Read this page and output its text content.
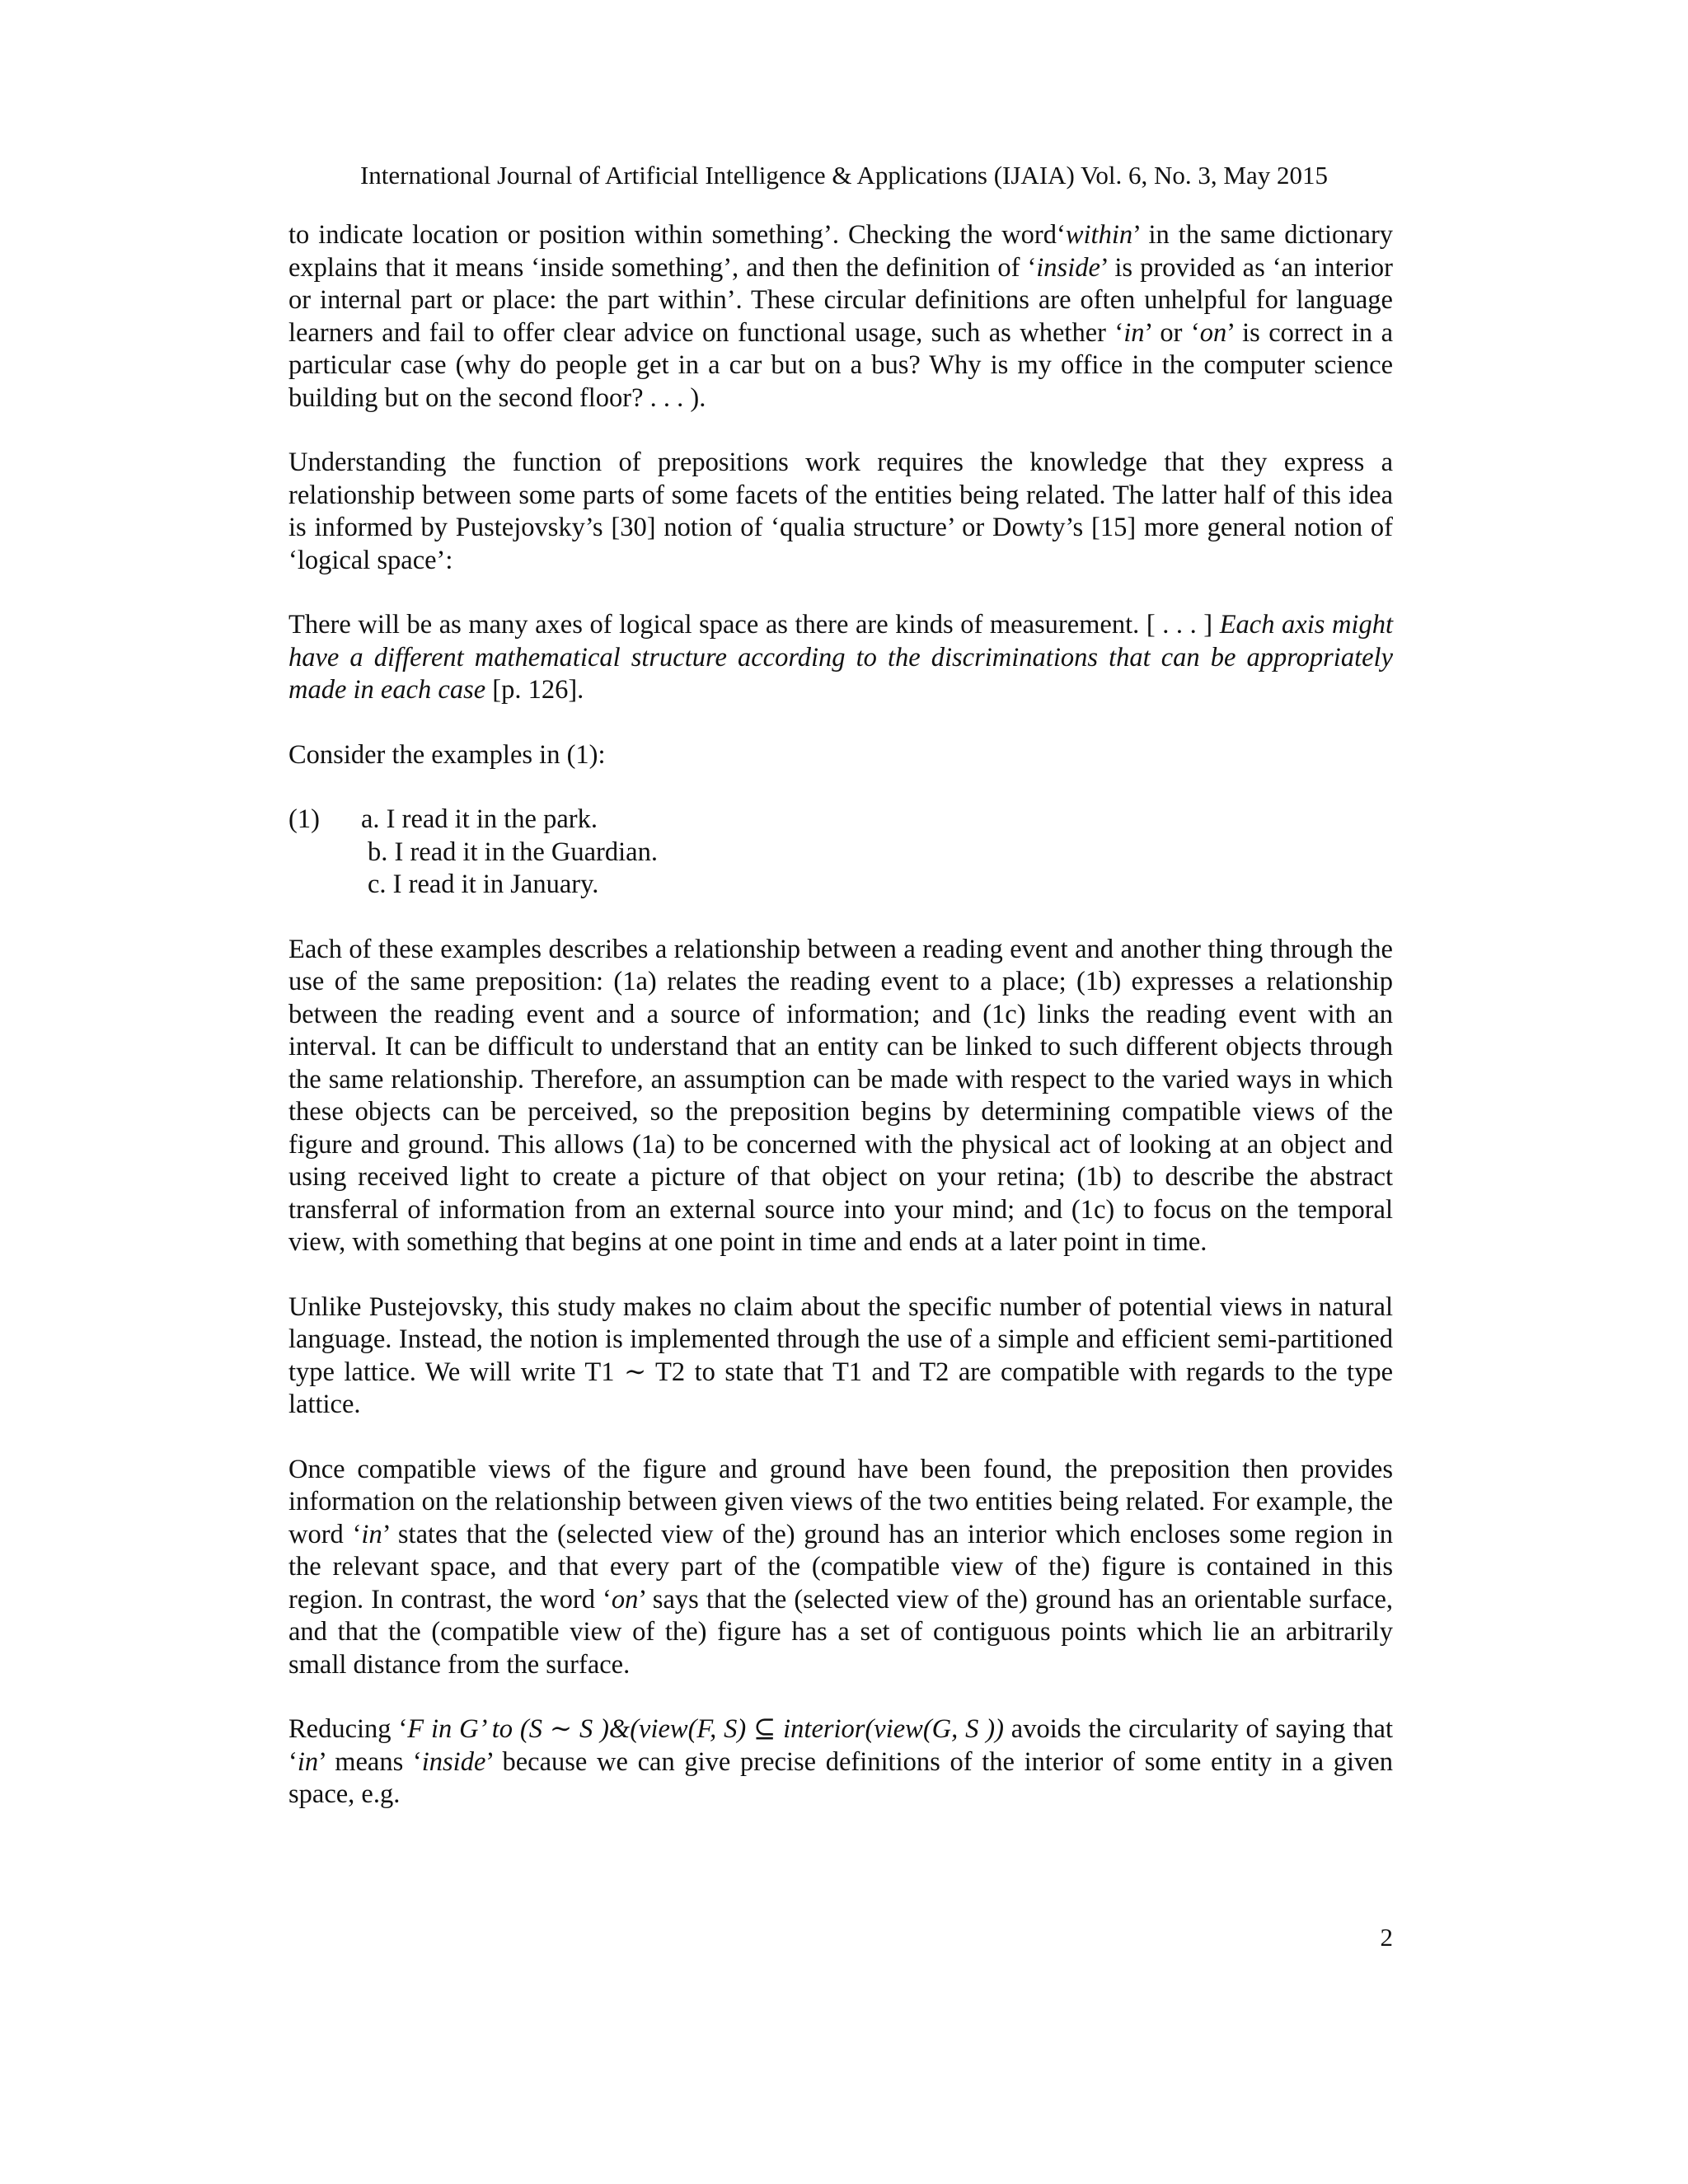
International Journal of Artificial Intelligence & Applications (IJAIA) Vol. 6, No. 3, May 2015

to indicate location or position within something’. Checking the word‘within’ in the same dictionary explains that it means ‘inside something’, and then the definition of ‘inside’ is provided as ‘an interior or internal part or place: the part within’. These circular definitions are often unhelpful for language learners and fail to offer clear advice on functional usage, such as whether ‘in’ or ‘on’ is correct in a particular case (why do people get in a car but on a bus? Why is my office in the computer science building but on the second floor? . . . ).

Understanding the function of prepositions work requires the knowledge that they express a relationship between some parts of some facets of the entities being related. The latter half of this idea is informed by Pustejovsky’s [30] notion of ‘qualia structure’ or Dowty’s [15] more general notion of ‘logical space’:

There will be as many axes of logical space as there are kinds of measurement. [ . . . ] Each axis might have a different mathematical structure according to the discriminations that can be appropriately made in each case [p. 126].

Consider the examples in (1):

(1)	a. I read it in the park.
b. I read it in the Guardian.
c. I read it in January.

Each of these examples describes a relationship between a reading event and another thing through the use of the same preposition: (1a) relates the reading event to a place; (1b) expresses a relationship between the reading event and a source of information; and (1c) links the reading event with an interval. It can be difficult to understand that an entity can be linked to such different objects through the same relationship. Therefore, an assumption can be made with respect to the varied ways in which these objects can be perceived, so the preposition begins by determining compatible views of the figure and ground. This allows (1a) to be concerned with the physical act of looking at an object and using received light to create a picture of that object on your retina; (1b) to describe the abstract transferral of information from an external source into your mind; and (1c) to focus on the temporal view, with something that begins at one point in time and ends at a later point in time.

Unlike Pustejovsky, this study makes no claim about the specific number of potential views in natural language. Instead, the notion is implemented through the use of a simple and efficient semi-partitioned type lattice. We will write T1 ∼ T2 to state that T1 and T2 are compatible with regards to the type lattice.

Once compatible views of the figure and ground have been found, the preposition then provides information on the relationship between given views of the two entities being related. For example, the word ‘in’ states that the (selected view of the) ground has an interior which encloses some region in the relevant space, and that every part of the (compatible view of the) figure is contained in this region. In contrast, the word ‘on’ says that the (selected view of the) ground has an orientable surface, and that the (compatible view of the) figure has a set of contiguous points which lie an arbitrarily small distance from the surface.

Reducing ‘F in G’ to (S ∼ S )&(view(F, S) ⊆ interior(view(G, S )) avoids the circularity of saying that ‘in’ means ‘inside’ because we can give precise definitions of the interior of some entity in a given space, e.g.

2
